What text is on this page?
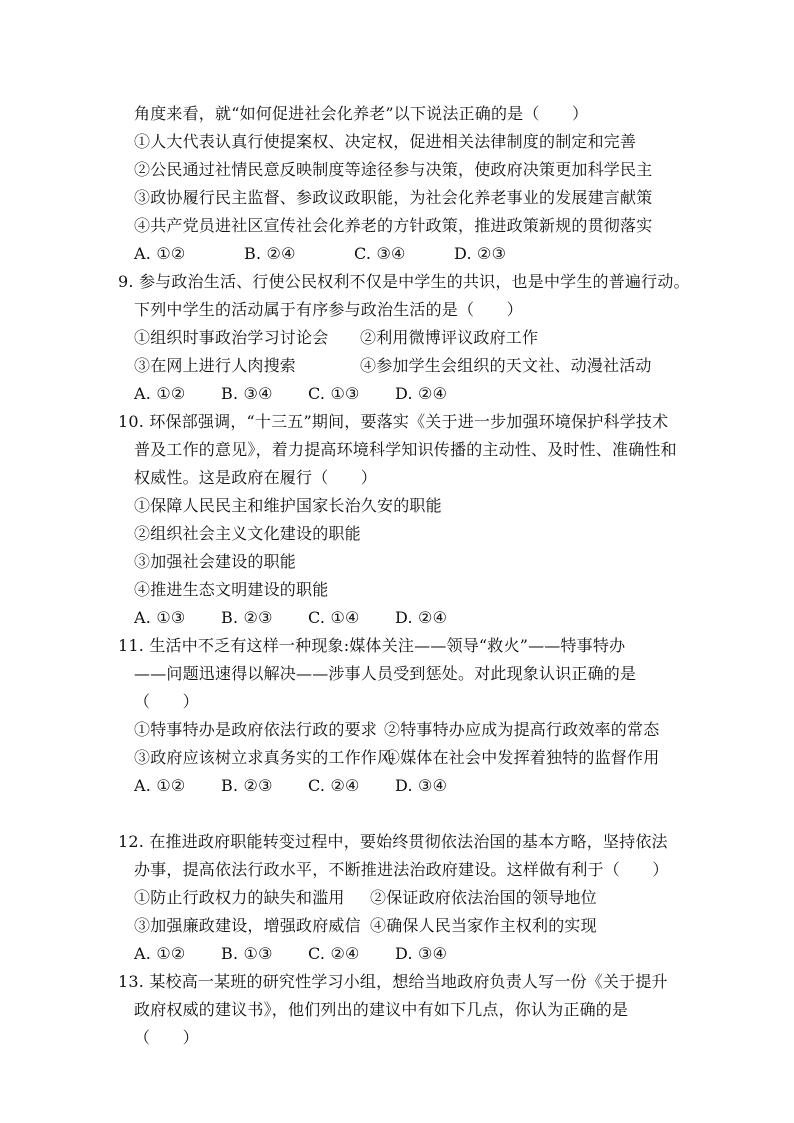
角度来看，就“如何促进社会化养老”以下说法正确的是（　　）
①人大代表认真行使提案权、决定权，促进相关法律制度的制定和完善
②公民通过社情民意反映制度等途径参与决策，使政府决策更加科学民主
③政协履行民主监督、参政议政职能，为社会化养老事业的发展建言献策
④共产党员进社区宣传社会化养老的方针政策，推进政策新规的贯彻落实
A. ①②	B. ②④	C. ③④	D. ②③
9. 参与政治生活、行使公民权利不仅是中学生的共识，也是中学生的普遍行动。
下列中学生的活动属于有序参与政治生活的是（　　）
①组织时事政治学习讨论会 ②利用微博评议政府工作
③在网上进行人肉搜索	④参加学生会组织的天文社、动漫社活动
A. ①② B. ③④ C. ①③ D. ②④
10. 环保部强调，“十三五”期间，要落实《关于进一步加强环境保护科学技术
普及工作的意见》，着力提高环境科学知识传播的主动性、及时性、准确性和
权威性。这是政府在履行（　　）
①保障人民民主和维护国家长治久安的职能
②组织社会主义文化建设的职能
③加强社会建设的职能
④推进生态文明建设的职能
A. ①③ B. ②③ C. ①④ D. ②④
11. 生活中不乏有这样一种现象:媒体关注——领导“救火”——特事特办
——问题迅速得以解决——涉事人员受到惩处。对此现象认识正确的是
（　　）
①特事特办是政府依法行政的要求 ②特事特办应成为提高行政效率的常态
③政府应该树立求真务实的工作作风④媒体在社会中发挥着独特的监督作用
A. ①② B. ②③ C. ②④ D. ③④
12. 在推进政府职能转变过程中，要始终贯彻依法治国的基本方略，坚持依法
办事，提高依法行政水平，不断推进法治政府建设。这样做有利于（　　）
①防止行政权力的缺失和滥用 ②保证政府依法治国的领导地位
③加强廉政建设，增强政府威信 ④确保人民当家作主权利的实现
A. ①② B. ①③ C. ②④ D. ③④
13. 某校高一某班的研究性学习小组，想给当地政府负责人写一份《关于提升
政府权威的建议书》，他们列出的建议中有如下几点，你认为正确的是
（　　）
